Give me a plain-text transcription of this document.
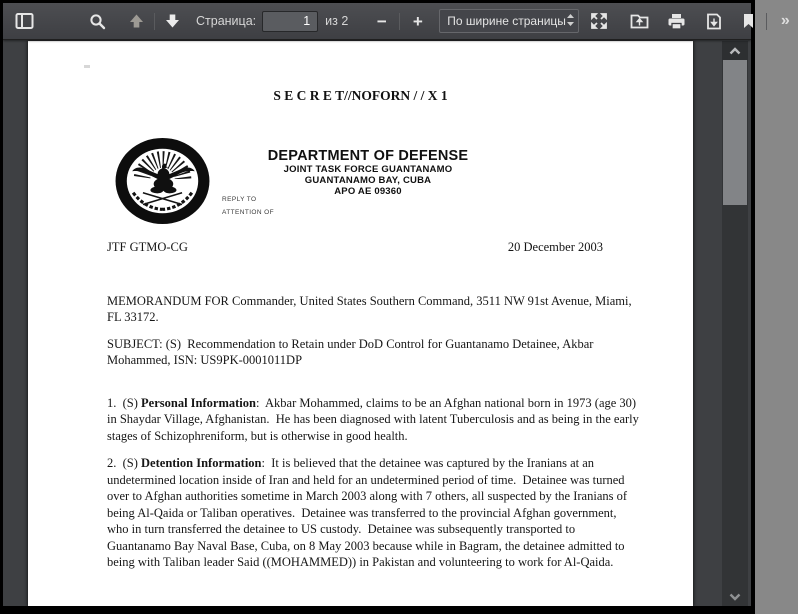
Страница:
1	из 2 − + По ширине страницы	»
S E C R E T//NOFORN / / X 1
REPLY TO
ATTENTION OF
DEPARTMENT OF DEFENSE
JOINT TASK FORCE GUANTANAMO
GUANTANAMO BAY, CUBA
APO AE 09360
JTF GTMO-CG	20 December 2003
MEMORANDUM FOR Commander, United States Southern Command, 3511 NW 91st Avenue, Miami, FL 33172.
SUBJECT: (S)  Recommendation to Retain under DoD Control for Guantanamo Detainee, Akbar Mohammed, ISN: US9PK-0001011DP
1.  (S) Personal Information:  Akbar Mohammed, claims to be an Afghan national born in 1973 (age 30) in Shaydar Village, Afghanistan.  He has been diagnosed with latent Tuberculosis and as being in the early stages of Schizophreniform, but is otherwise in good health.
2.  (S) Detention Information:  It is believed that the detainee was captured by the Iranians at an undetermined location inside of Iran and held for an undetermined period of time.  Detainee was turned over to Afghan authorities sometime in March 2003 along with 7 others, all suspected by the Iranians of being Al-Qaida or Taliban operatives.  Detainee was transferred to the provincial Afghan government, who in turn transferred the detainee to US custody.  Detainee was subsequently transported to Guantanamo Bay Naval Base, Cuba, on 8 May 2003 because while in Bagram, the detainee admitted to being with Taliban leader Said ((MOHAMMED)) in Pakistan and volunteering to work for Al-Qaida.
